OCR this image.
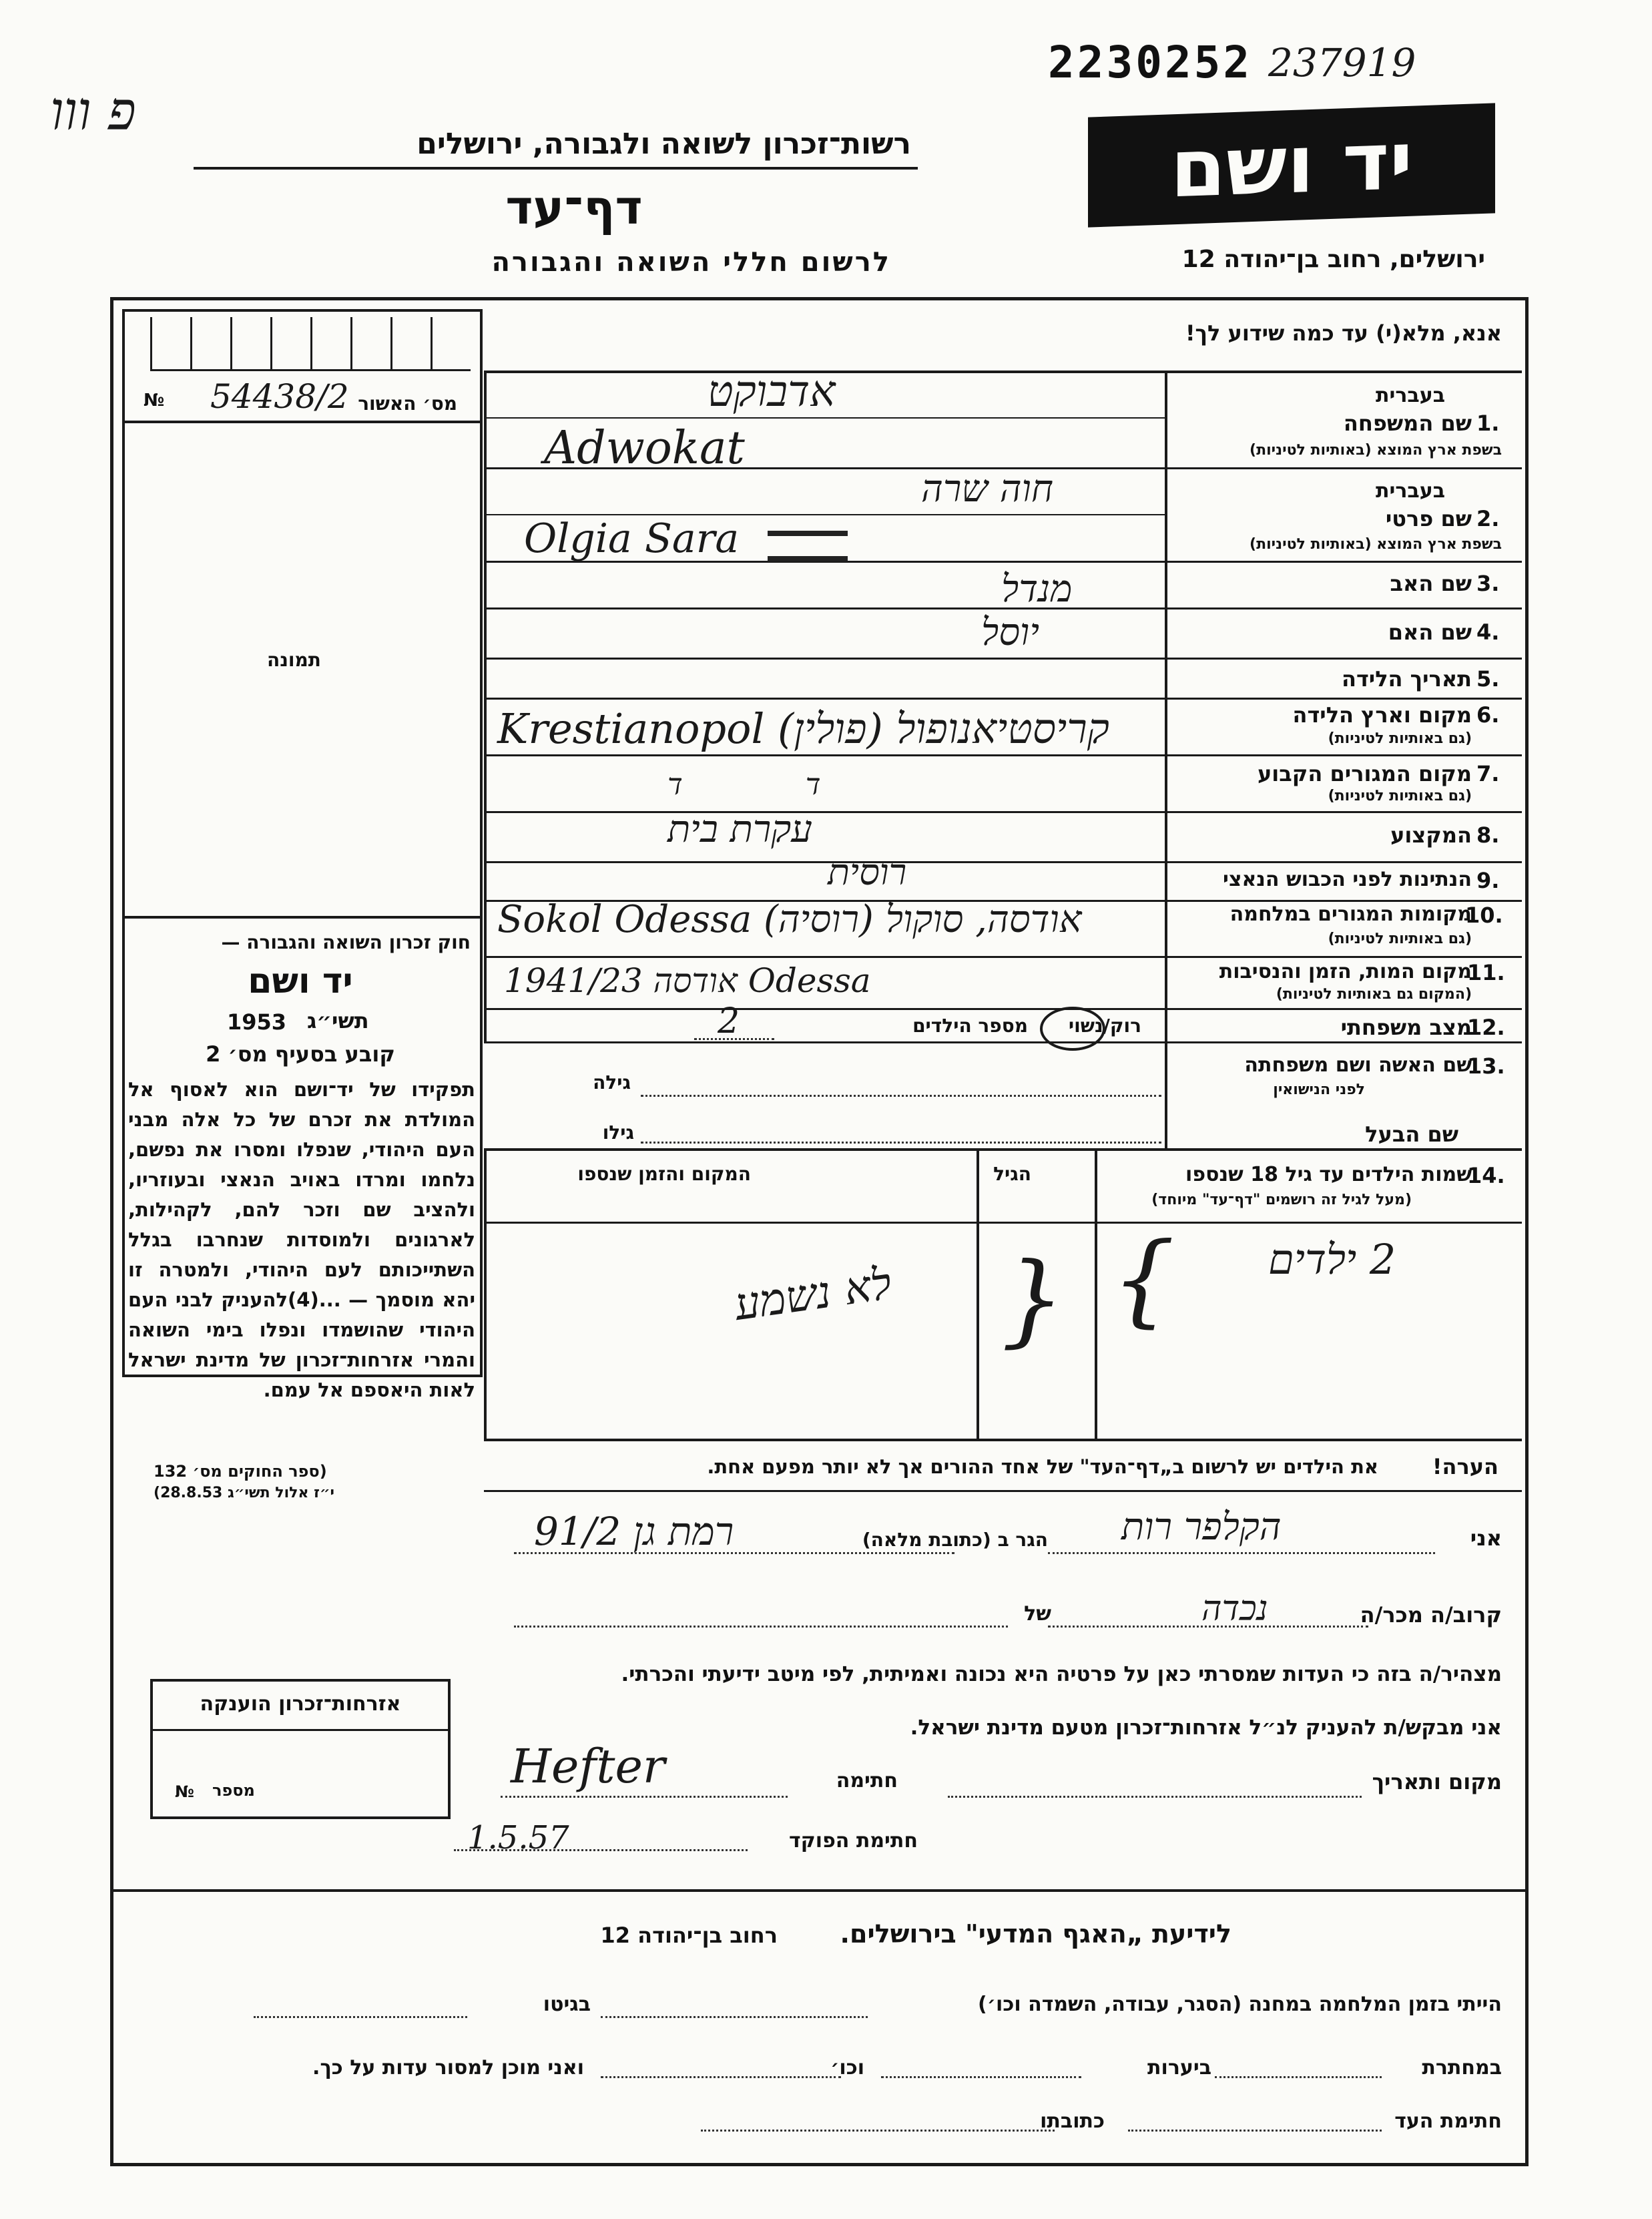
2230252 237919
פ ווו
רשות־זכרון לשואה ולגבורה, ירושלים
דף־עד
לרשום חללי השואה והגבורה
יד ושם
ירושלים, רחוב בן־יהודה 12
№ 54438/2 מס׳ האשור
תמונה
חוק זכרון השואה והגבורה —
יד ושם
1953 תשי״ג
קובע בסעיף מס׳ 2
תפקידו של יד־ושם הוא לאסוף אל המולדת את זכרם של כל אלה מבני העם היהודי, שנפלו ומסרו את נפשם, נלחמו ומרדו באויב הנאצי ובעוזריו, ולהציב שם וזכר להם, לקהילות, לארגונים ולמוסדות שנחרבו בגלל השתייכותם לעם היהודי, ולמטרה זו יהא מוסמך — ...(4)להעניק לבני העם היהודי שהושמדו ונפלו בימי השואה והמרי אזרחות־זכרון של מדינת ישראל לאות היאספם אל עמם.
(ספר החוקים מס׳ 132
י״ז אלול תשי״ג 28.8.53)
אזרחות־זכרון הוענקה
№ מספר
אנא, מלא(י) עד כמה שידוע לך!
בעברית
שם המשפחה 1.
בשפת ארץ המוצא (באותיות לטיניות)
אדבוקט
Adwokat
בעברית
שם פרטי 2.
בשפת ארץ המוצא (באותיות לטיניות)
חוה שרה
Olgia Sara
שם האב 3.
מנדל
שם האם 4.
יוסל
תאריך הלידה 5.
מקום וארץ הלידה 6.
(גם באותיות לטיניות)
Krestianopol (פולין) קריסטיאנופול
מקום המגורים הקבוע 7.
(גם באותיות לטיניות)
ד ד
המקצוע 8.
עקרת בית
הנתינות לפני הכבוש הנאצי 9.
רוסית
מקומות המגורים במלחמה
10.
(גם באותיות לטיניות)
Sokol Odessa (רוסיה) אודסה, סוקול
מקום המות, הזמן והנסיבות
11.
(המקום גם באותיות לטיניות)
אודסה 1941/23 Odessa
מצב משפחתי
12.
רוק/נשוי
מספר הילדים
2
שם האשה ושם משפחתה
13.
לפני הנישואין
גילה
שם הבעל
גילו
שמות הילדים עד גיל 18 שנספו
14.
(מעל לגיל זה רושמים "דף־עד" מיוחד)
הגיל
המקום והזמן שנספו
2 ילדים
{
לא נשמע }
הערה!
את הילדים יש לרשום ב„דף־העד" של אחד ההורים אך לא יותר מפעם אחת.
אני
הקלפר רות
הגר ב (כתובת מלאה)
רמת גן 91/2
קרוב/ה מכר/ה
נכדה
של
מצהיר/ה בזה כי העדות שמסרתי כאן על פרטיה היא נכונה ואמיתית, לפי מיטב ידיעתי והכרתי.
אני מבקש/ת להעניק לנ״ל אזרחות־זכרון מטעם מדינת ישראל.
מקום ותאריך
חתימה
Hefter
חתימת הפוקד
1.5.57
לידיעת „האגף המדעי" בירושלים.
רחוב בן־יהודה 12
הייתי בזמן המלחמה במחנה (הסגר, עבודה, השמדה וכו׳)
בגיטו
במחתרת
ביערות
וכו׳
ואני מוכן למסור עדות על כך.
חתימת העד
כתובתו
